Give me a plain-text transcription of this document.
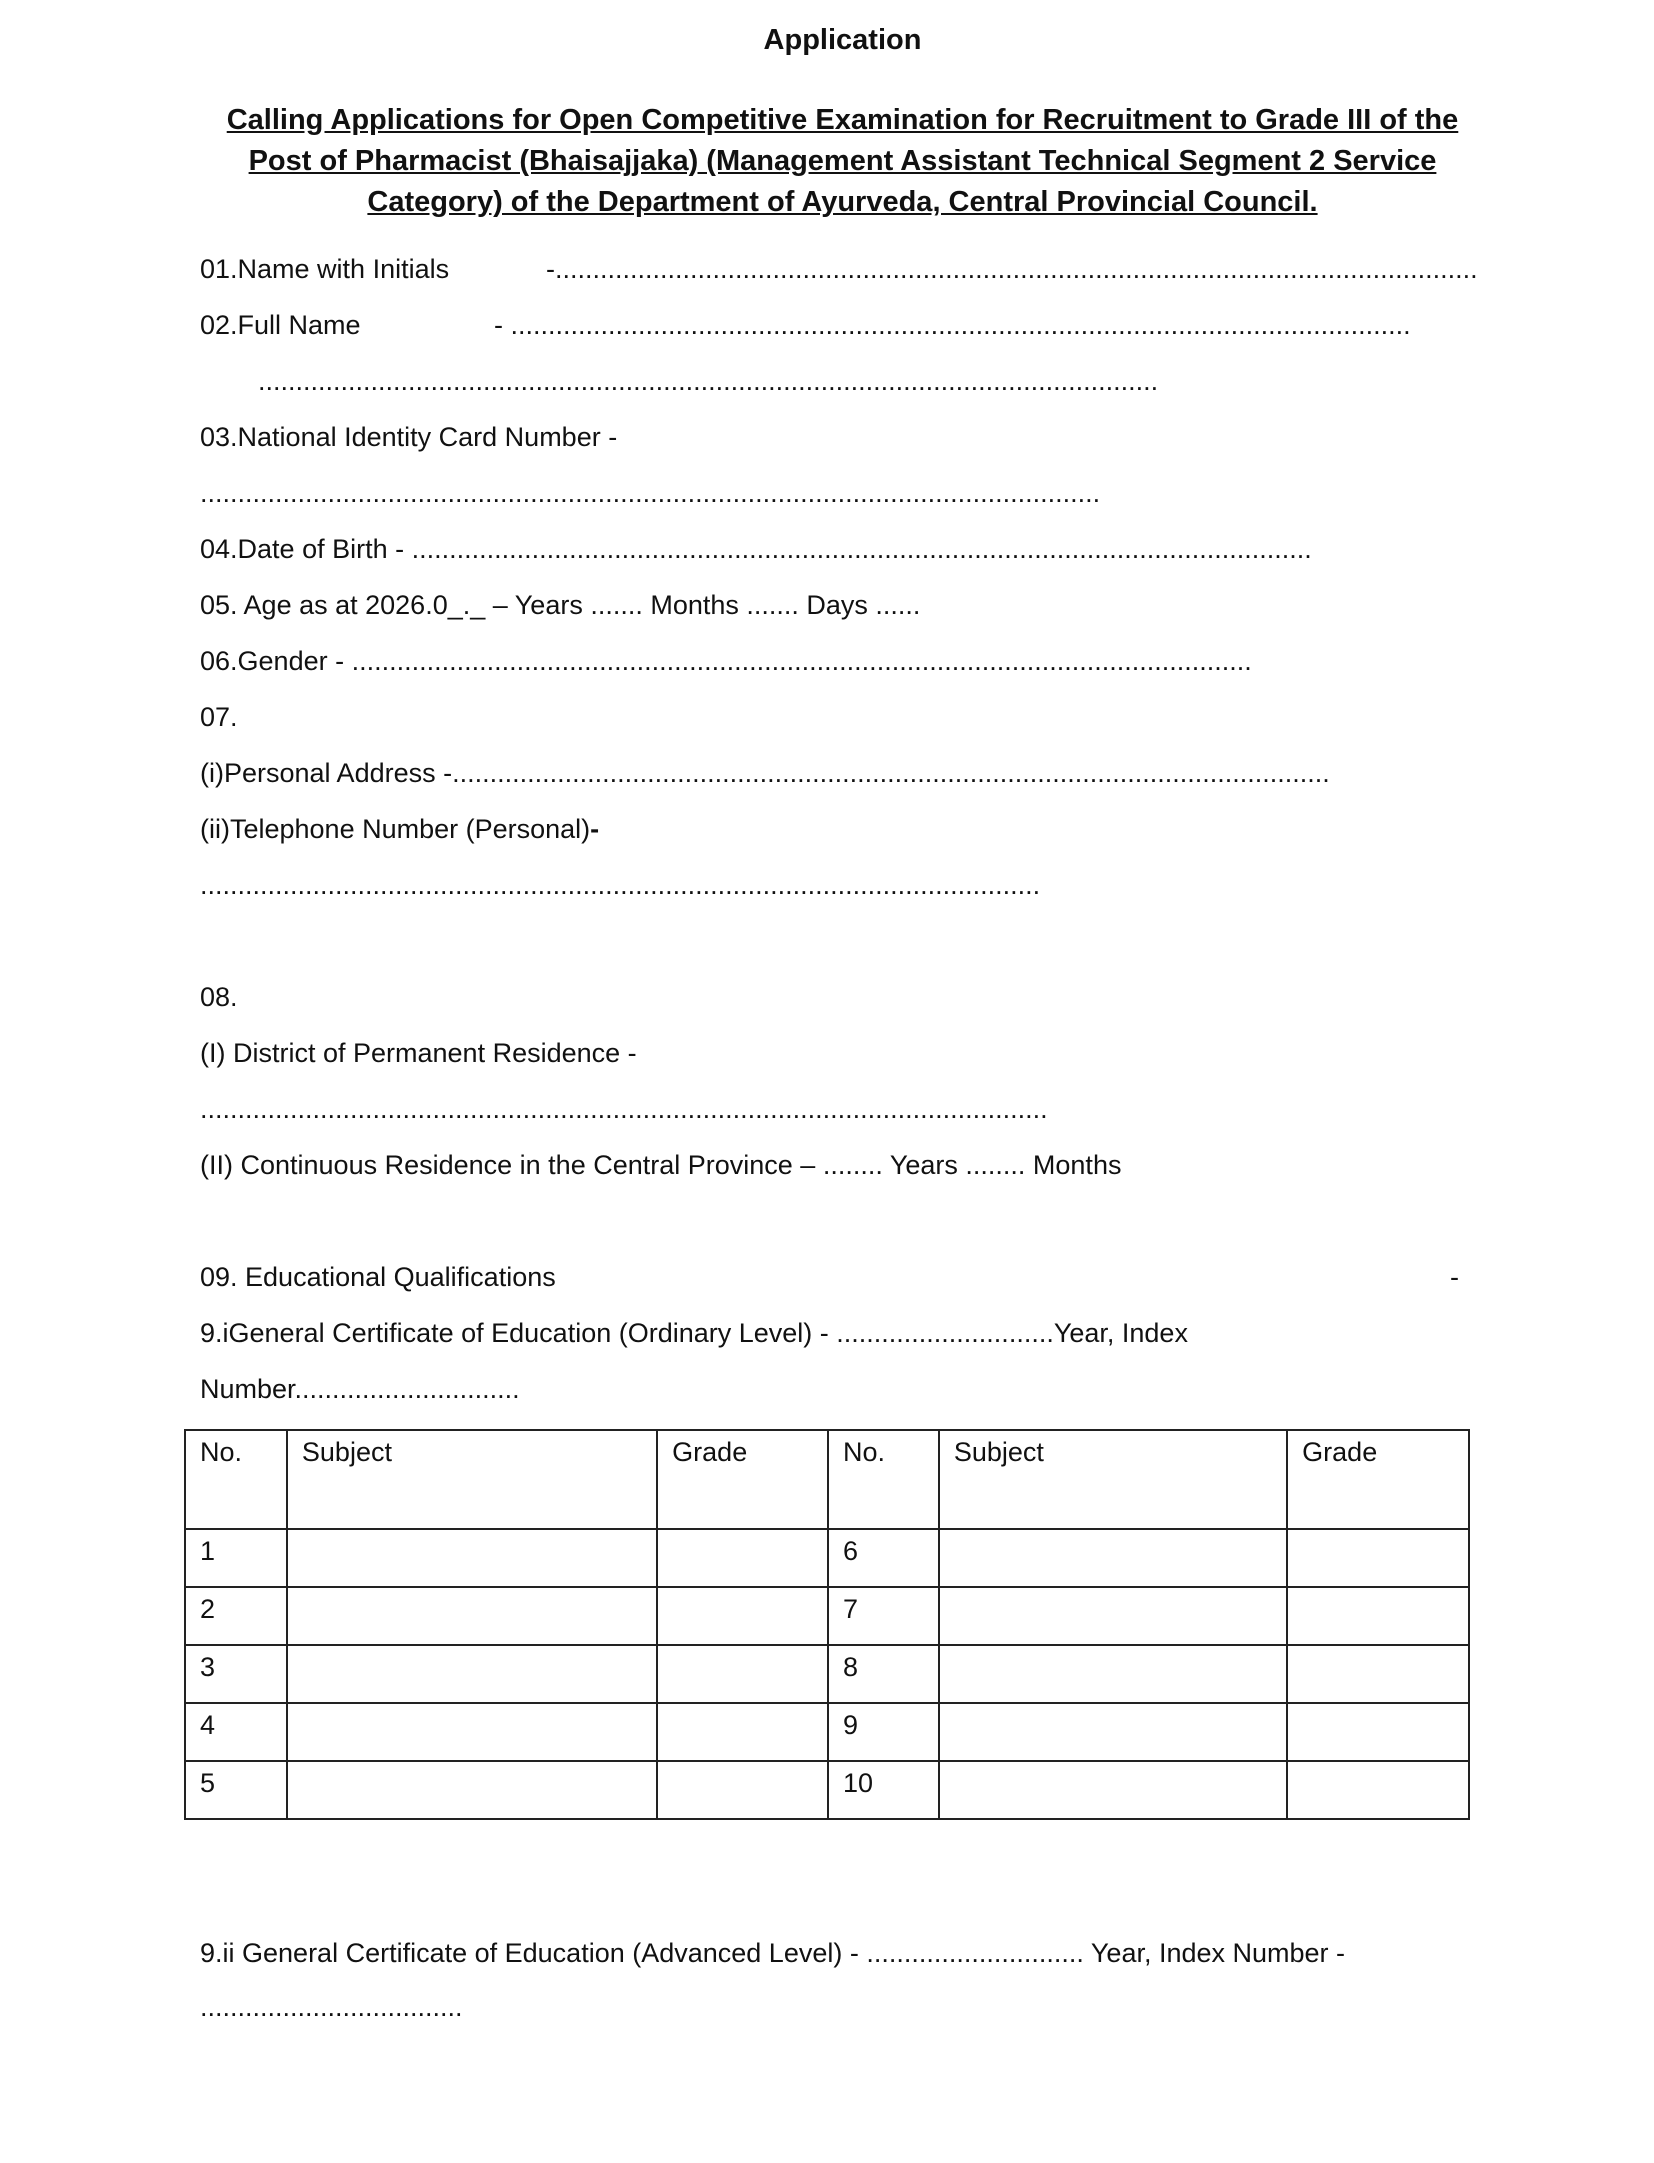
Application
Calling Applications for Open Competitive Examination for Recruitment to Grade III of the Post of Pharmacist (Bhaisajjaka) (Management Assistant Technical Segment 2 Service Category) of the Department of Ayurveda, Central Provincial Council.
01.Name with Initials	-...........................................................................................................................
02.Full Name	- ........................................................................................................................
........................................................................................................................
03.National Identity Card Number -
........................................................................................................................
04.Date of Birth - ........................................................................................................................
05. Age as at 2026.0_._ – Years ....... Months ....... Days ......
06.Gender - ........................................................................................................................
07.
(i)Personal Address -.....................................................................................................................
(ii)Telephone Number (Personal)-
................................................................................................................
08.
(I) District of Permanent Residence -
.................................................................................................................
(II) Continuous Residence in the Central Province – ........ Years ........ Months
09. Educational Qualifications	-
9.iGeneral Certificate of Education (Ordinary Level) - .............................Year, Index
Number..............................
No.	Subject	Grade	No.	Subject	Grade
1			6		
2			7		
3			8		
4			9		
5			10		
9.ii General Certificate of Education (Advanced Level) - ............................. Year, Index Number -
...................................
